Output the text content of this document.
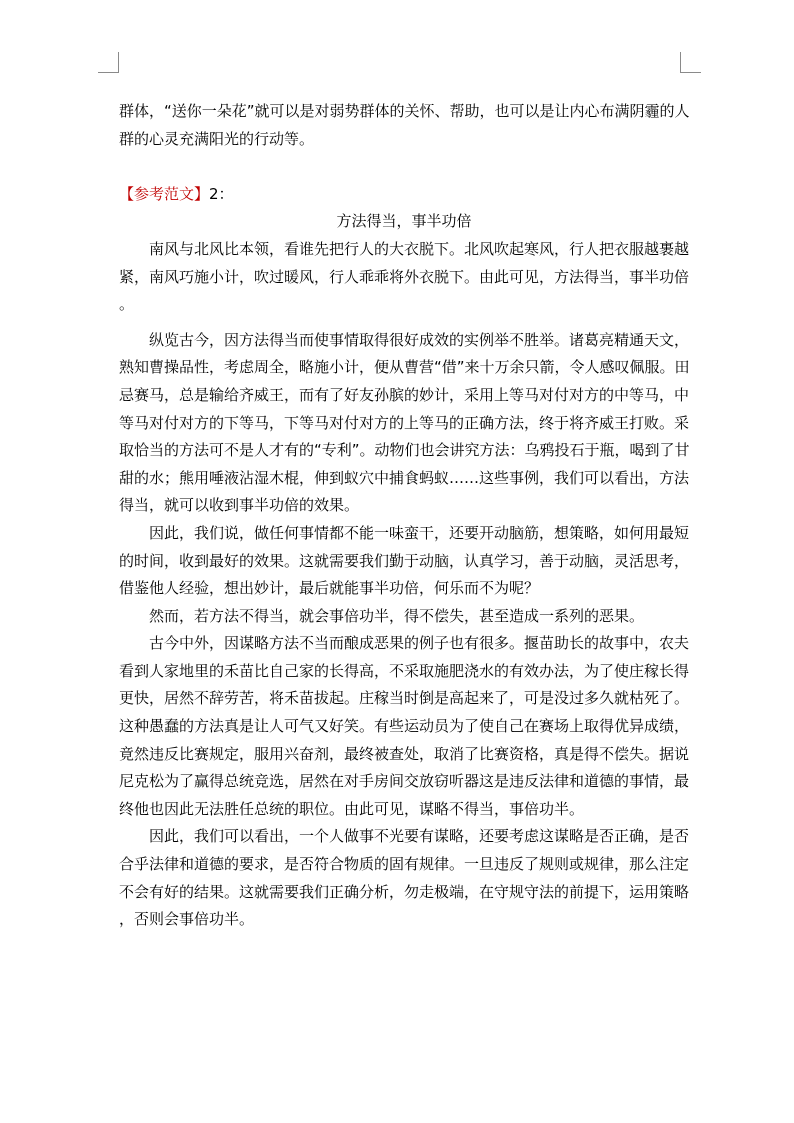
群体，“送你一朵花”就可以是对弱势群体的关怀、帮助，也可以是让内心布满阴霾的人
群的心灵充满阳光的行动等。
【参考范文】2：
方法得当，事半功倍
南风与北风比本领，看谁先把行人的大衣脱下。北风吹起寒风，行人把衣服越裹越
紧，南风巧施小计，吹过暖风，行人乖乖将外衣脱下。由此可见，方法得当，事半功倍
。
纵览古今，因方法得当而使事情取得很好成效的实例举不胜举。诸葛亮精通天文，
熟知曹操品性，考虑周全，略施小计，便从曹营“借”来十万余只箭，令人感叹佩服。田
忌赛马，总是输给齐威王，而有了好友孙膑的妙计，采用上等马对付对方的中等马，中
等马对付对方的下等马，下等马对付对方的上等马的正确方法，终于将齐威王打败。采
取恰当的方法可不是人才有的“专利”。动物们也会讲究方法：乌鸦投石于瓶，喝到了甘
甜的水；熊用唾液沾湿木棍，伸到蚁穴中捕食蚂蚁……这些事例，我们可以看出，方法
得当，就可以收到事半功倍的效果。
因此，我们说，做任何事情都不能一味蛮干，还要开动脑筋，想策略，如何用最短
的时间，收到最好的效果。这就需要我们勤于动脑，认真学习，善于动脑，灵活思考，
借鉴他人经验，想出妙计，最后就能事半功倍，何乐而不为呢？
然而，若方法不得当，就会事倍功半，得不偿失，甚至造成一系列的恶果。
古今中外，因谋略方法不当而酿成恶果的例子也有很多。揠苗助长的故事中，农夫
看到人家地里的禾苗比自己家的长得高，不采取施肥浇水的有效办法，为了使庄稼长得
更快，居然不辞劳苦，将禾苗拔起。庄稼当时倒是高起来了，可是没过多久就枯死了。
这种愚蠢的方法真是让人可气又好笑。有些运动员为了使自己在赛场上取得优异成绩，
竟然违反比赛规定，服用兴奋剂，最终被查处，取消了比赛资格，真是得不偿失。据说
尼克松为了赢得总统竞选，居然在对手房间交放窃听器这是违反法律和道德的事情，最
终他也因此无法胜任总统的职位。由此可见，谋略不得当，事倍功半。
因此，我们可以看出，一个人做事不光要有谋略，还要考虑这谋略是否正确，是否
合乎法律和道德的要求，是否符合物质的固有规律。一旦违反了规则或规律，那么注定
不会有好的结果。这就需要我们正确分析，勿走极端，在守规守法的前提下，运用策略
，否则会事倍功半。
